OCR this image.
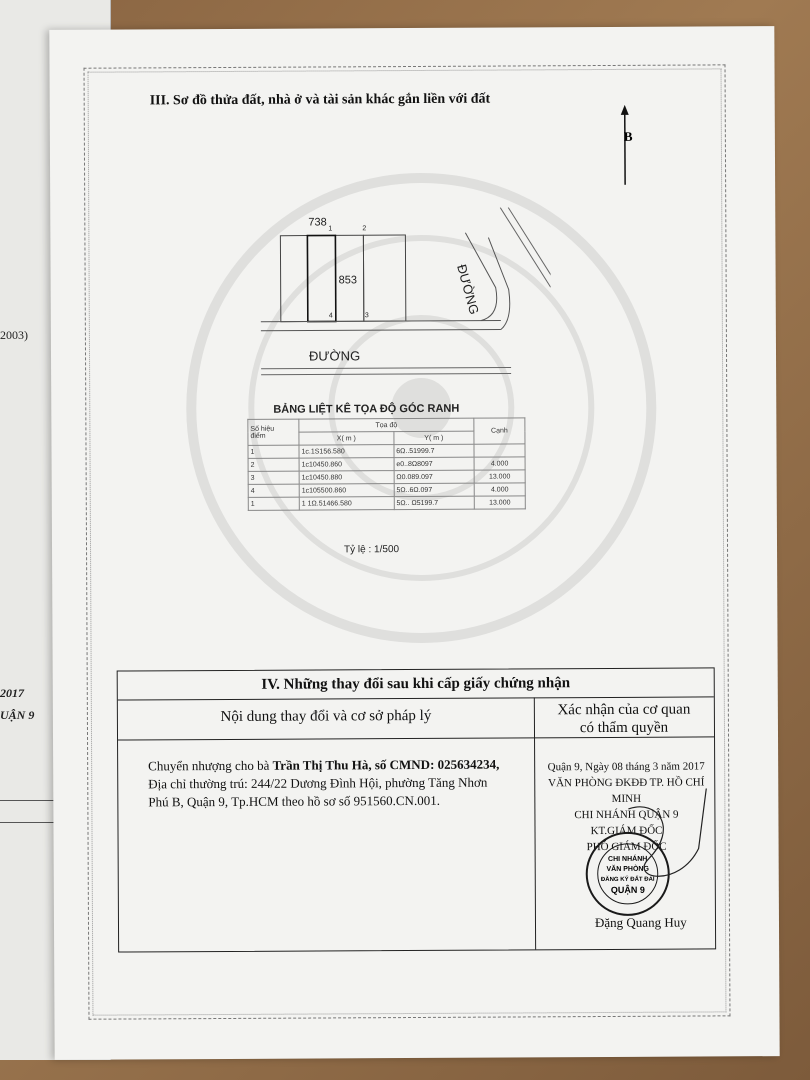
2003)
2017
UẬN 9
III. Sơ đồ thửa đất, nhà ở và tài sản khác gắn liền với đất
B
738
853
1	2
3
4	ĐƯỜNG
ĐƯỜNG
BẢNG LIỆT KÊ TỌA ĐỘ GÓC RANH
Số hiệu
điểm	Tọa độ		Cạnh
	X( m )	Y( m )	
1	1c.1S156.580	6Ω..51999.7	
2	1c10450.860	e0..8Ω8097	4.000
3	1c10450.880	Ω0.089.097	13.000
4	1c105500.860	5Ω..6Ω.097	4.000
1	1 1Ω.51466.580	5Ω.. Ω5199.7	13.000
Tỷ lệ : 1/500
IV. Những thay đổi sau khi cấp giấy chứng nhận
Nội dung thay đổi và cơ sở pháp lý	Xác nhận của cơ quan
có thẩm quyền
Chuyển nhượng cho bà Trần Thị Thu Hà, số CMND: 025634234,
Địa chỉ thường trú: 244/22 Dương Đình Hội, phường Tăng Nhơn
Phú B, Quận 9, Tp.HCM theo hồ sơ số 951560.CN.001.
Quận 9, Ngày 08 tháng 3 năm 2017
VĂN PHÒNG ĐKĐĐ TP. HỒ CHÍ MINH
CHI NHÁNH QUẬN 9
KT.GIÁM ĐỐC
PHÓ GIÁM ĐỐC
CHI NHÁNH
VĂN PHÒNG
ĐĂNG KÝ ĐẤT ĐAI
QUẬN 9
Đặng Quang Huy
